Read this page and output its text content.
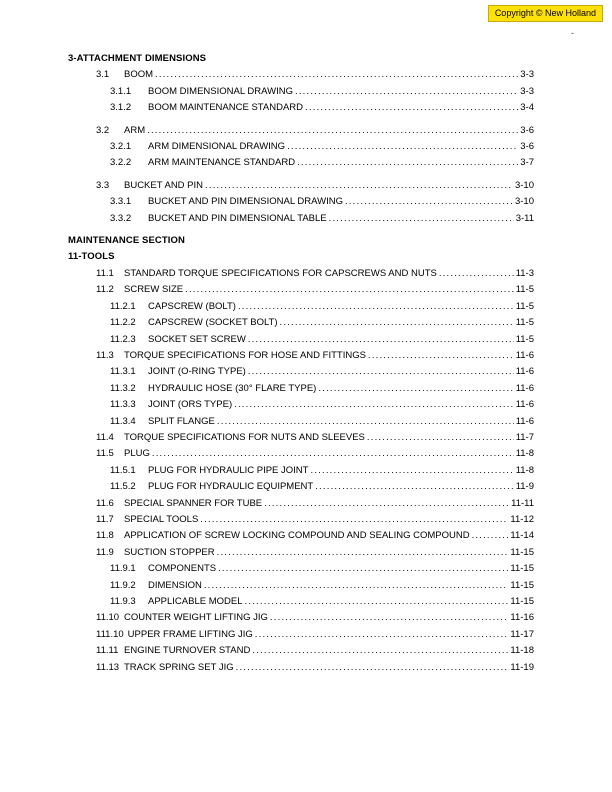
Copyright © New Holland
-
3-ATTACHMENT DIMENSIONS
3.1	BOOM .....	3-3
3.1.1	BOOM DIMENSIONAL DRAWING .....	3-3
3.1.2	BOOM MAINTENANCE STANDARD .....	3-4
3.2	ARM .....	3-6
3.2.1	ARM DIMENSIONAL DRAWING .....	3-6
3.2.2	ARM MAINTENANCE STANDARD .....	3-7
3.3	BUCKET AND PIN .....	3-10
3.3.1	BUCKET AND PIN DIMENSIONAL DRAWING .....	3-10
3.3.2	BUCKET AND PIN DIMENSIONAL TABLE .....	3-11
MAINTENANCE SECTION
11-TOOLS
11.1	STANDARD TORQUE SPECIFICATIONS FOR CAPSCREWS AND NUTS .....	11-3
11.2	SCREW SIZE .....	11-5
11.2.1	CAPSCREW (BOLT) .....	11-5
11.2.2	CAPSCREW (SOCKET BOLT) .....	11-5
11.2.3	SOCKET SET SCREW .....	11-5
11.3	TORQUE SPECIFICATIONS FOR HOSE AND FITTINGS .....	11-6
11.3.1	JOINT (O-RING TYPE) .....	11-6
11.3.2	HYDRAULIC HOSE (30° FLARE TYPE) .....	11-6
11.3.3	JOINT (ORS TYPE) .....	11-6
11.3.4	SPLIT FLANGE .....	11-6
11.4	TORQUE SPECIFICATIONS FOR NUTS AND SLEEVES .....	11-7
11.5	PLUG .....	11-8
11.5.1	PLUG FOR HYDRAULIC PIPE JOINT .....	11-8
11.5.2	PLUG FOR HYDRAULIC EQUIPMENT .....	11-9
11.6	SPECIAL SPANNER FOR TUBE .....	11-11
11.7	SPECIAL TOOLS .....	11-12
11.8	APPLICATION OF SCREW LOCKING COMPOUND AND SEALING COMPOUND .....	11-14
11.9	SUCTION STOPPER .....	11-15
11.9.1	COMPONENTS .....	11-15
11.9.2	DIMENSION .....	11-15
11.9.3	APPLICABLE MODEL .....	11-15
11.10 COUNTER WEIGHT LIFTING JIG .....	11-16
111.10 UPPER FRAME LIFTING JIG .....	11-17
11.11 ENGINE TURNOVER STAND .....	11-18
11.13 TRACK SPRING SET JIG .....	11-19
